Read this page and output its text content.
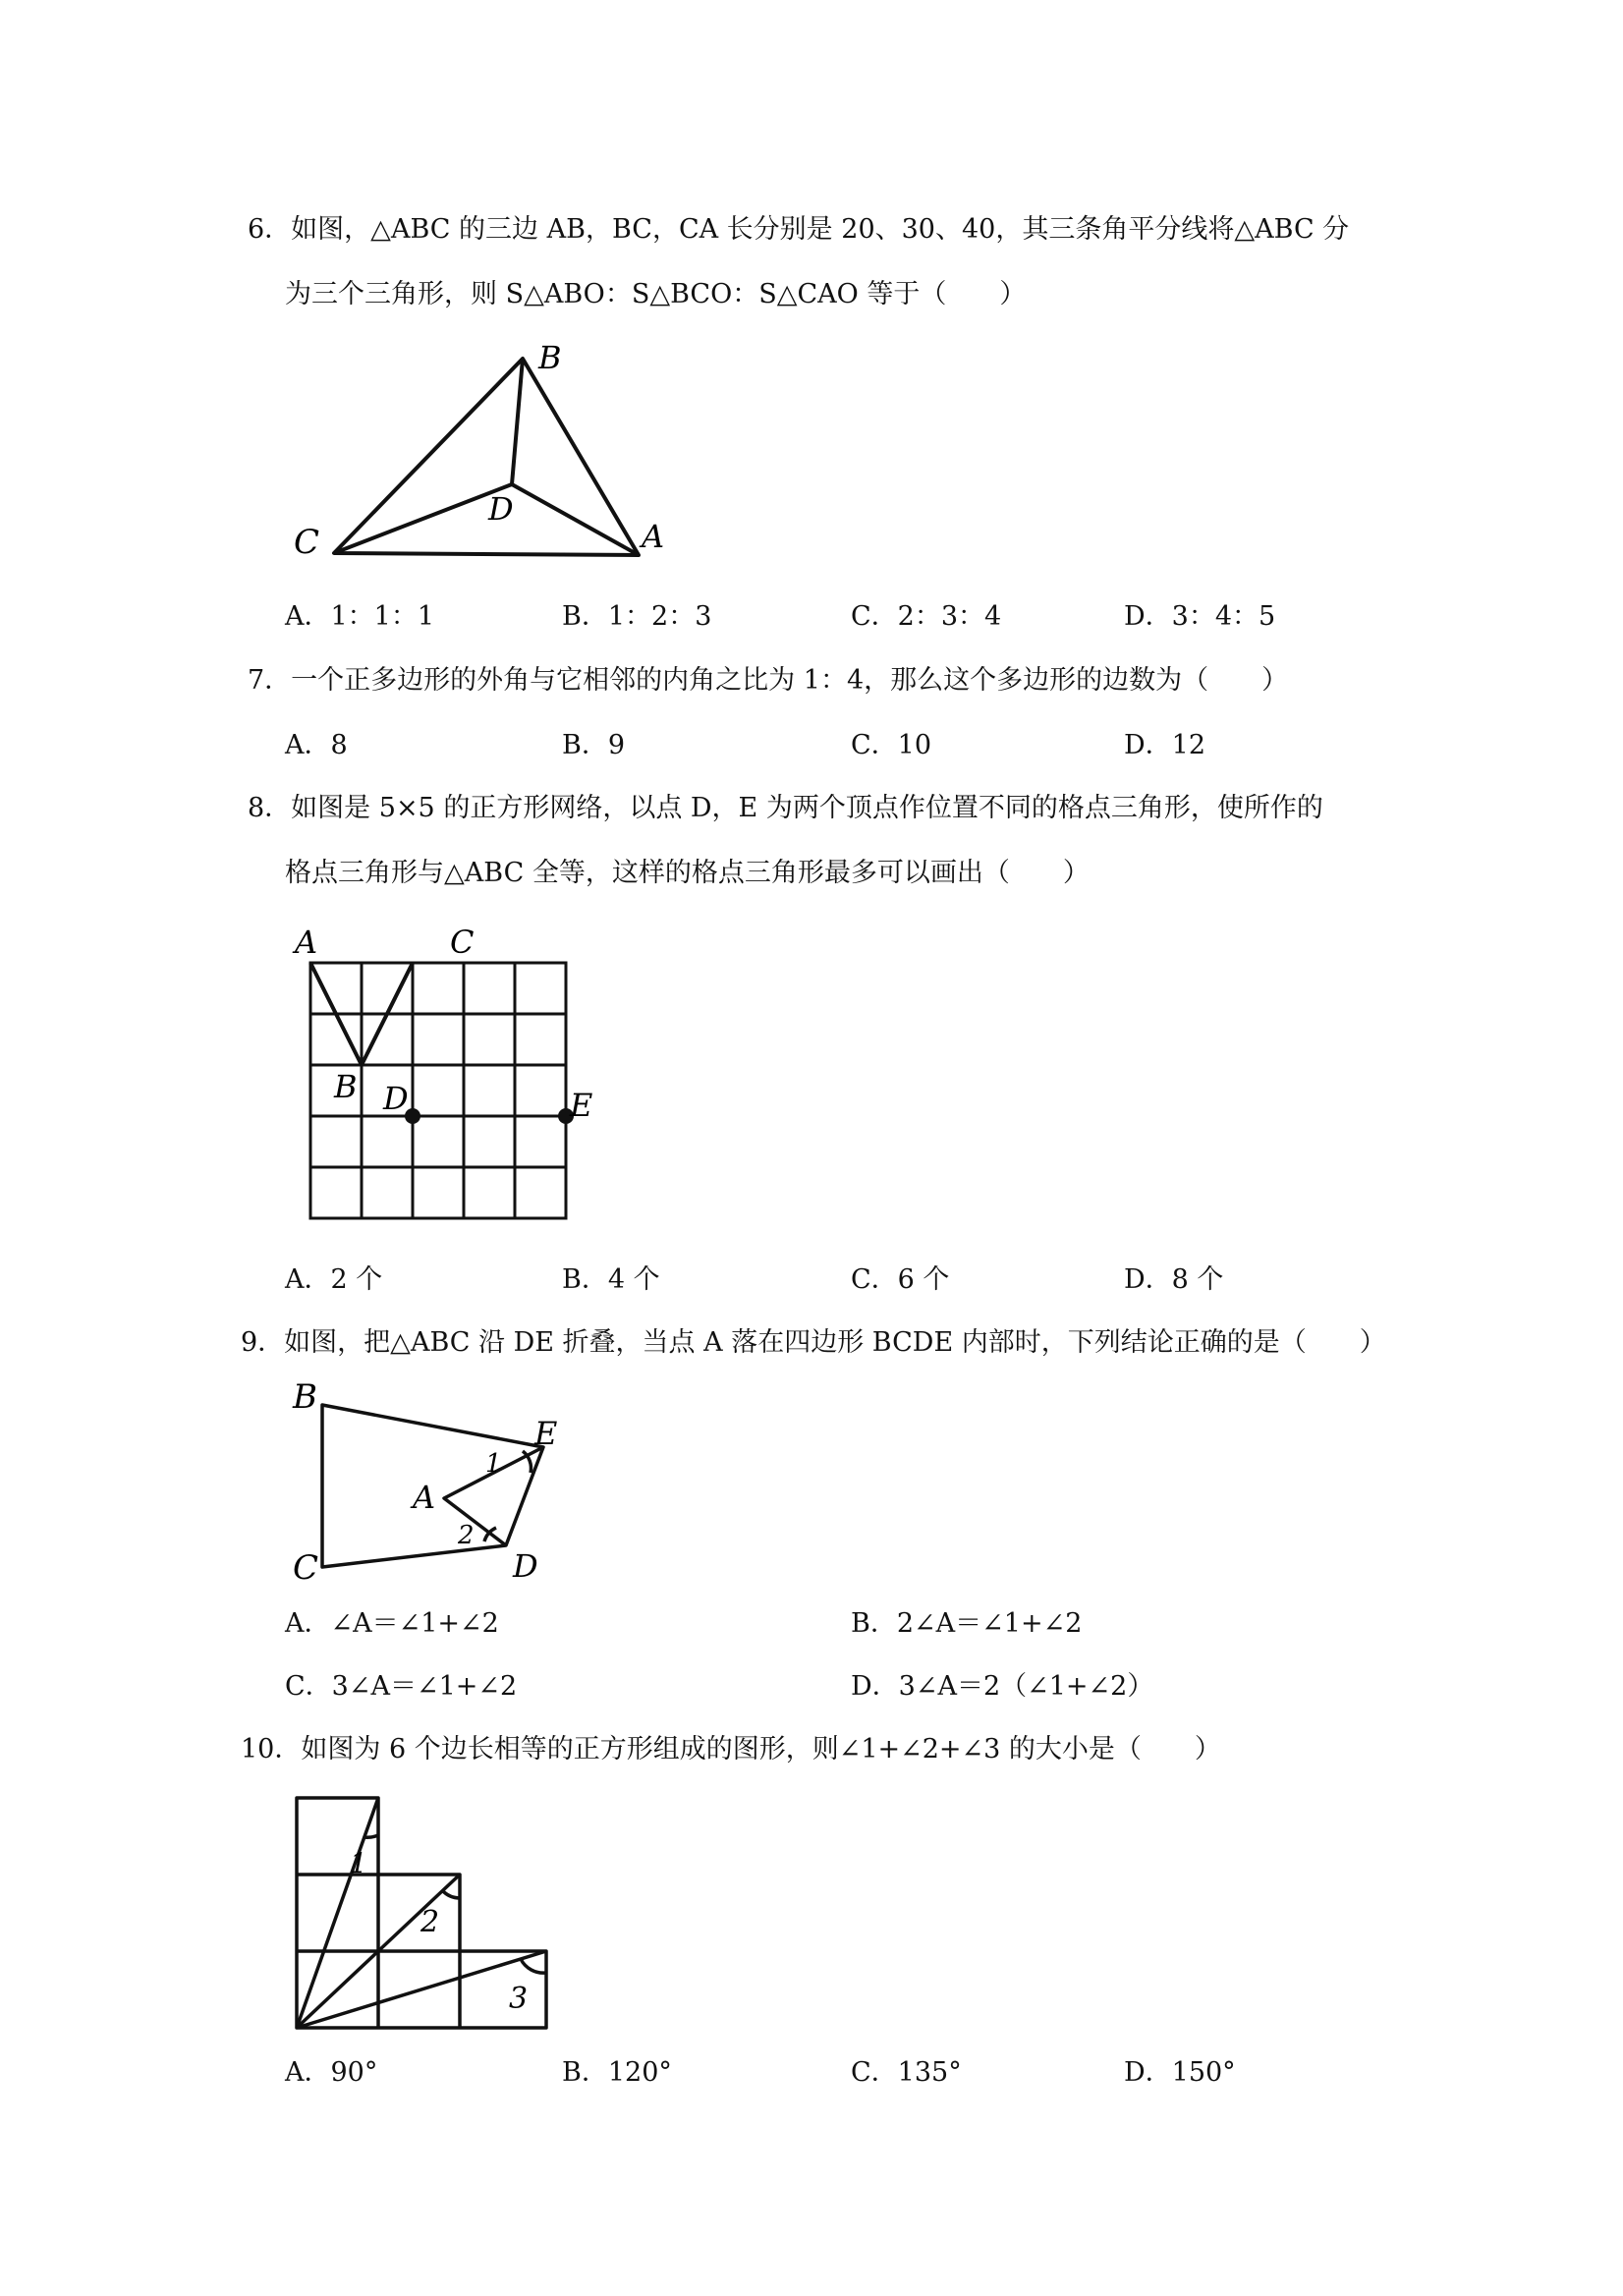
6．如图，△ABC 的三边 AB，BC，CA 长分别是 20、30、40，其三条角平分线将△ABC 分
为三个三角形，则 S△ABO：S△BCO：S△CAO 等于（　　）
B
C
D
A
A．1：1：1	B．1：2：3	C．2：3：4	D．3：4：5
7．一个正多边形的外角与它相邻的内角之比为 1：4，那么这个多边形的边数为（　　）
A．8	B．9	C．10	D．12
8．如图是 5×5 的正方形网络，以点 D，E 为两个顶点作位置不同的格点三角形，使所作的
格点三角形与△ABC 全等，这样的格点三角形最多可以画出（　　）
A	C
B D	E
A．2 个	B．4 个	C．6 个	D．8 个
9．如图，把△ABC 沿 DE 折叠，当点 A 落在四边形 BCDE 内部时，下列结论正确的是（　　）
B
E
1
A
2
C	D
A．∠A＝∠1+∠2	B．2∠A＝∠1+∠2
C．3∠A＝∠1+∠2	D．3∠A＝2（∠1+∠2）
10．如图为 6 个边长相等的正方形组成的图形，则∠1+∠2+∠3 的大小是（　　）
1
2
3
A．90°	B．120°	C．135°	D．150°
